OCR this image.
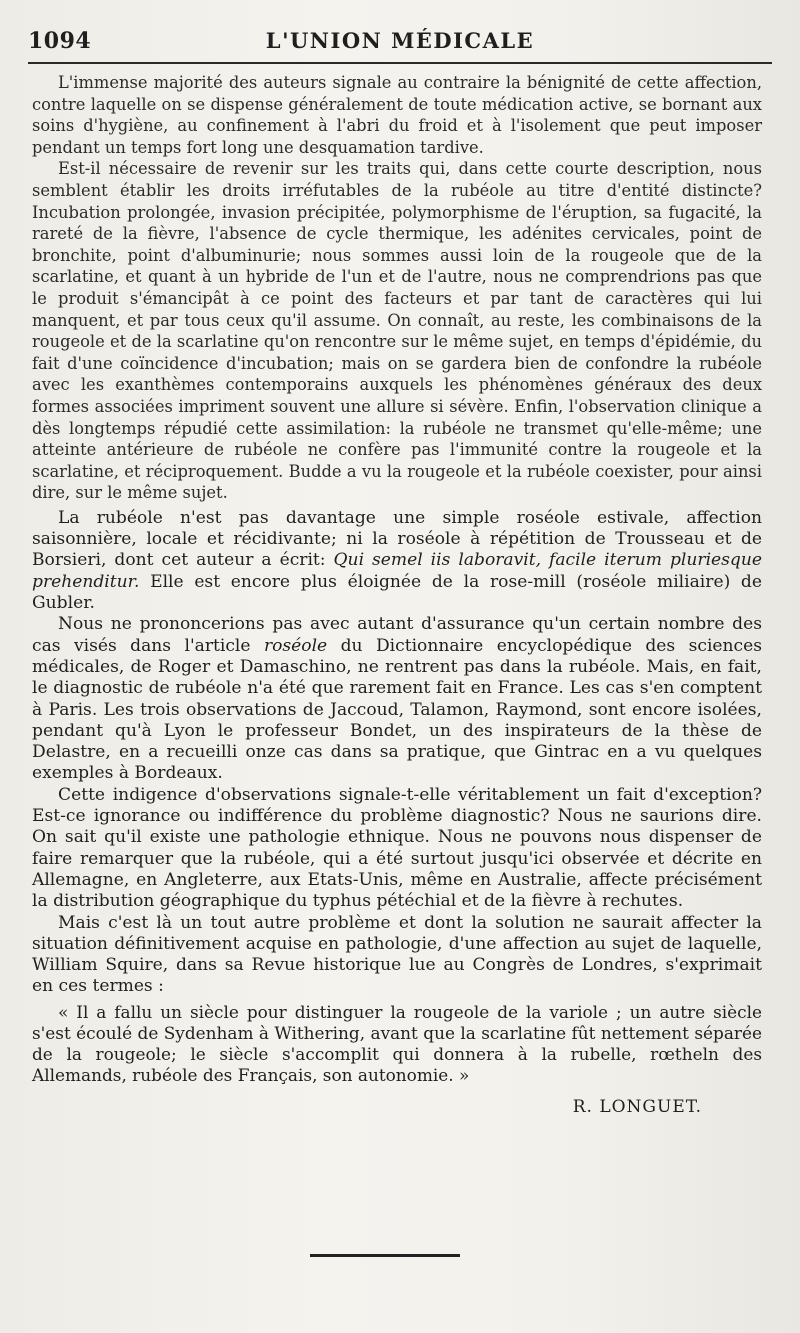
1094	L'UNION MÉDICALE

L'immense majorité des auteurs signale au contraire la bénignité de cette affection, contre laquelle on se dispense généralement de toute médication active, se bornant aux soins d'hygiène, au confinement à l'abri du froid et à l'isolement que peut imposer pendant un temps fort long une desquamation tardive.

Est-il nécessaire de revenir sur les traits qui, dans cette courte description, nous semblent établir les droits irréfutables de la rubéole au titre d'entité distincte? Incubation prolongée, invasion précipitée, polymorphisme de l'éruption, sa fugacité, la rareté de la fièvre, l'absence de cycle thermique, les adénites cervicales, point de bronchite, point d'albuminurie; nous sommes aussi loin de la rougeole que de la scarlatine, et quant à un hybride de l'un et de l'autre, nous ne comprendrions pas que le produit s'émancipât à ce point des facteurs et par tant de caractères qui lui manquent, et par tous ceux qu'il assume. On connaît, au reste, les combinaisons de la rougeole et de la scarlatine qu'on rencontre sur le même sujet, en temps d'épidémie, du fait d'une coïncidence d'incubation; mais on se gardera bien de confondre la rubéole avec les exanthèmes contemporains auxquels les phénomènes généraux des deux formes associées impriment souvent une allure si sévère. Enfin, l'observation clinique a dès longtemps répudié cette assimilation: la rubéole ne transmet qu'elle-même; une atteinte antérieure de rubéole ne confère pas l'immunité contre la rougeole et la scarlatine, et réciproquement. Budde a vu la rougeole et la rubéole coexister, pour ainsi dire, sur le même sujet.

La rubéole n'est pas davantage une simple roséole estivale, affection saisonnière, locale et récidivante; ni la roséole à répétition de Trousseau et de Borsieri, dont cet auteur a écrit: Qui semel iis laboravit, facile iterum pluriesque prehenditur. Elle est encore plus éloignée de la rose-mill (roséole miliaire) de Gubler.

Nous ne prononcerions pas avec autant d'assurance qu'un certain nombre des cas visés dans l'article roséole du Dictionnaire encyclopédique des sciences médicales, de Roger et Damaschino, ne rentrent pas dans la rubéole. Mais, en fait, le diagnostic de rubéole n'a été que rarement fait en France. Les cas s'en comptent à Paris. Les trois observations de Jaccoud, Talamon, Raymond, sont encore isolées, pendant qu'à Lyon le professeur Bondet, un des inspirateurs de la thèse de Delastre, en a recueilli onze cas dans sa pratique, que Gintrac en a vu quelques exemples à Bordeaux.

Cette indigence d'observations signale-t-elle véritablement un fait d'exception? Est-ce ignorance ou indifférence du problème diagnostic? Nous ne saurions dire. On sait qu'il existe une pathologie ethnique. Nous ne pouvons nous dispenser de faire remarquer que la rubéole, qui a été surtout jusqu'ici observée et décrite en Allemagne, en Angleterre, aux Etats-Unis, même en Australie, affecte précisément la distribution géographique du typhus pétéchial et de la fièvre à rechutes.

Mais c'est là un tout autre problème et dont la solution ne saurait affecter la situation définitivement acquise en pathologie, d'une affection au sujet de laquelle, William Squire, dans sa Revue historique lue au Congrès de Londres, s'exprimait en ces termes :

« Il a fallu un siècle pour distinguer la rougeole de la variole ; un autre siècle s'est écoulé de Sydenham à Withering, avant que la scarlatine fût nettement séparée de la rougeole; le siècle s'accomplit qui donnera à la rubelle, rœtheln des Allemands, rubéole des Français, son autonomie. »

R. LONGUET.
